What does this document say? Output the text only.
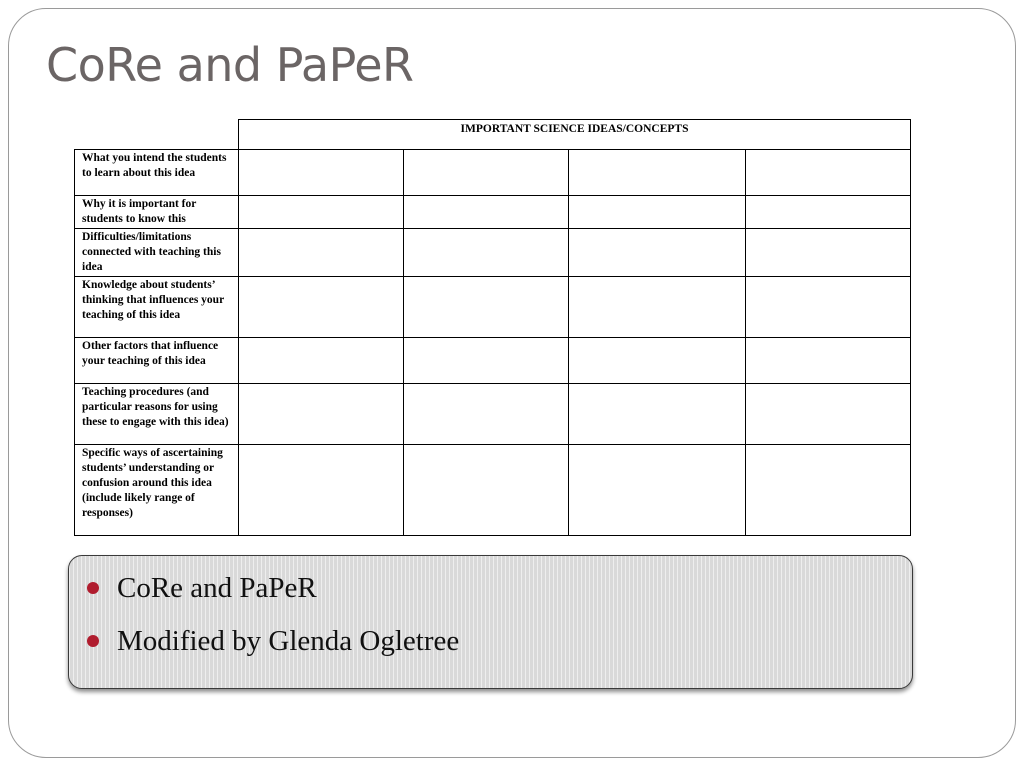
CoRe and PaPeR
	IMPORTANT SCIENCE IDEAS/CONCEPTS			
What you intend the students to learn about this idea				
Why it is important for students to know this				
Difficulties/limitations connected with teaching this idea				
Knowledge about students’ thinking that influences your teaching of this idea				
Other factors that influence your teaching of this idea				
Teaching procedures (and particular reasons for using these to engage with this idea)				
Specific ways of ascertaining students’ understanding or confusion around this idea (include likely range of responses)				
CoRe and PaPeR
Modified by Glenda Ogletree
